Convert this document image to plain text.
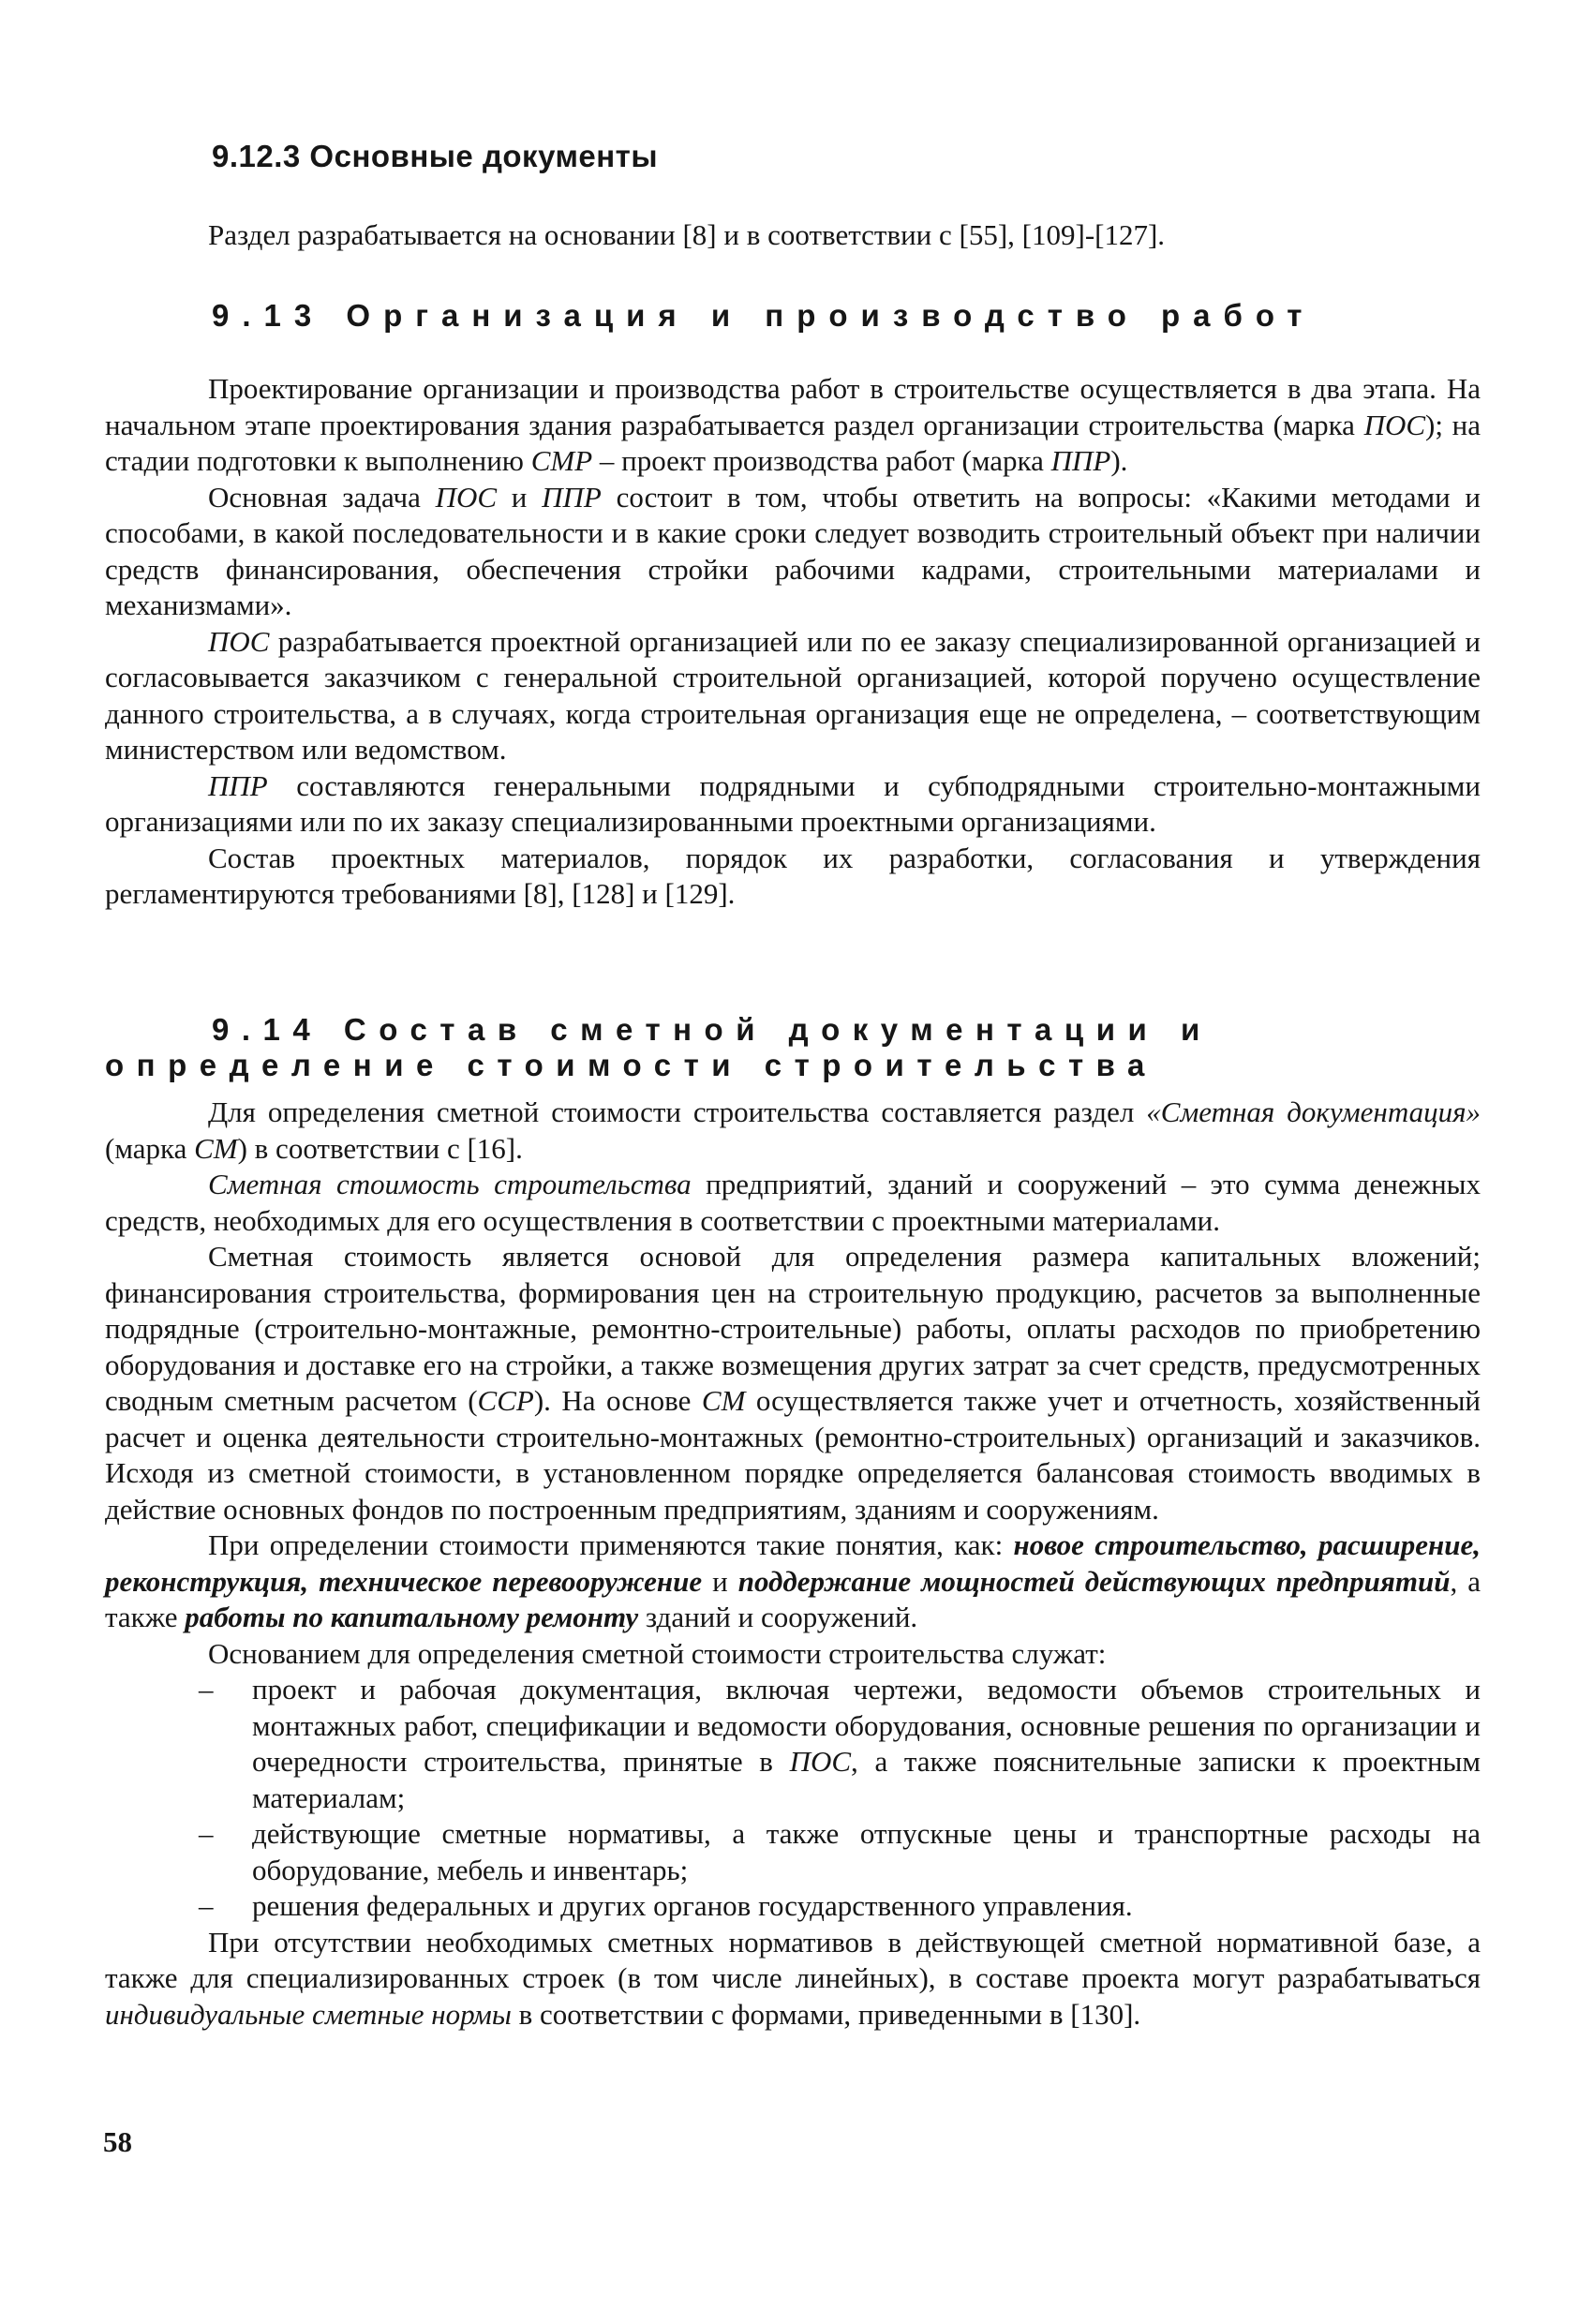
9.12.3 Основные документы

Раздел разрабатывается на основании [8] и в соответствии с [55], [109]-[127].

9.13 Организация и производство работ

Проектирование организации и производства работ в строительстве осуществляется в два этапа. На начальном этапе проектирования здания разрабатывается раздел организации строительства (марка ПОС); на стадии подготовки к выполнению СМР – проект производства работ (марка ППР).

Основная задача ПОС и ППР состоит в том, чтобы ответить на вопросы: «Какими методами и способами, в какой последовательности и в какие сроки следует возводить строительный объект при наличии средств финансирования, обеспечения стройки рабочими кадрами, строительными материалами и механизмами».

ПОС разрабатывается проектной организацией или по ее заказу специализированной организацией и согласовывается заказчиком с генеральной строительной организацией, которой поручено осуществление данного строительства, а в случаях, когда строительная организация еще не определена, – соответствующим министерством или ведомством.

ППР составляются генеральными подрядными и субподрядными строительно-монтажными организациями или по их заказу специализированными проектными организациями.

Состав проектных материалов, порядок их разработки, согласования и утверждения регламентируются требованиями [8], [128] и [129].

9.14 Состав сметной документации и определение стоимости строительства

Для определения сметной стоимости строительства составляется раздел «Сметная документация» (марка СМ) в соответствии с [16].

Сметная стоимость строительства предприятий, зданий и сооружений – это сумма денежных средств, необходимых для его осуществления в соответствии с проектными материалами.

Сметная стоимость является основой для определения размера капитальных вложений; финансирования строительства, формирования цен на строительную продукцию, расчетов за выполненные подрядные (строительно-монтажные, ремонтно-строительные) работы, оплаты расходов по приобретению оборудования и доставке его на стройки, а также возмещения других затрат за счет средств, предусмотренных сводным сметным расчетом (ССР). На основе СМ осуществляется также учет и отчетность, хозяйственный расчет и оценка деятельности строительно-монтажных (ремонтно-строительных) организаций и заказчиков. Исходя из сметной стоимости, в установленном порядке определяется балансовая стоимость вводимых в действие основных фондов по построенным предприятиям, зданиям и сооружениям.

При определении стоимости применяются такие понятия, как: новое строительство, расширение, реконструкция, техническое перевооружение и поддержание мощностей действующих предприятий, а также работы по капитальному ремонту зданий и сооружений.

Основанием для определения сметной стоимости строительства служат:

– проект и рабочая документация, включая чертежи, ведомости объемов строительных и монтажных работ, спецификации и ведомости оборудования, основные решения по организации и очередности строительства, принятые в ПОС, а также пояснительные записки к проектным материалам;
– действующие сметные нормативы, а также отпускные цены и транспортные расходы на оборудование, мебель и инвентарь;
– решения федеральных и других органов государственного управления.

При отсутствии необходимых сметных нормативов в действующей сметной нормативной базе, а также для специализированных строек (в том числе линейных), в составе проекта могут разрабатываться индивидуальные сметные нормы в соответствии с формами, приведенными в [130].

58
